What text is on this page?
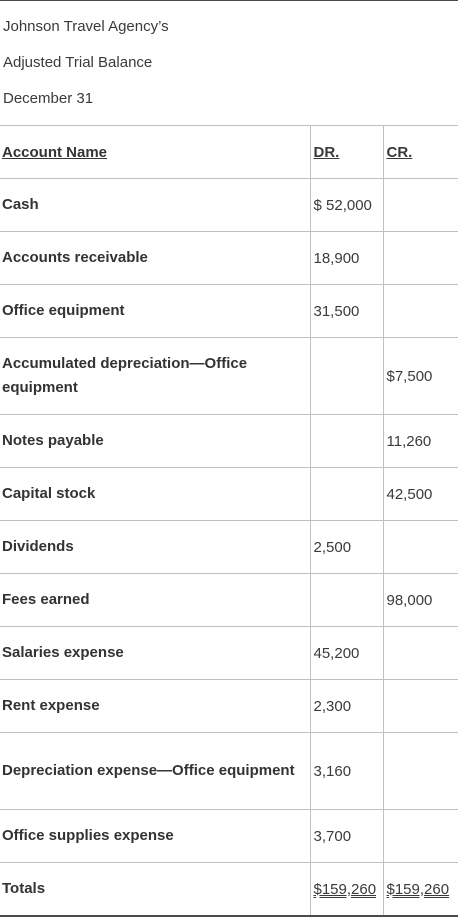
Johnson Travel Agency’s
Adjusted Trial Balance
December 31
Account Name	DR.	CR.
Cash	$ 52,000	
Accounts receivable	18,900	
Office equipment	31,500	
Accumulated depreciation—Office equipment		$7,500
Notes payable		11,260
Capital stock		42,500
Dividends	2,500	
Fees earned		98,000
Salaries expense	45,200	
Rent expense	2,300	
Depreciation expense—Office equipment	3,160	
Office supplies expense	3,700	
Totals	$159,260	$159,260
